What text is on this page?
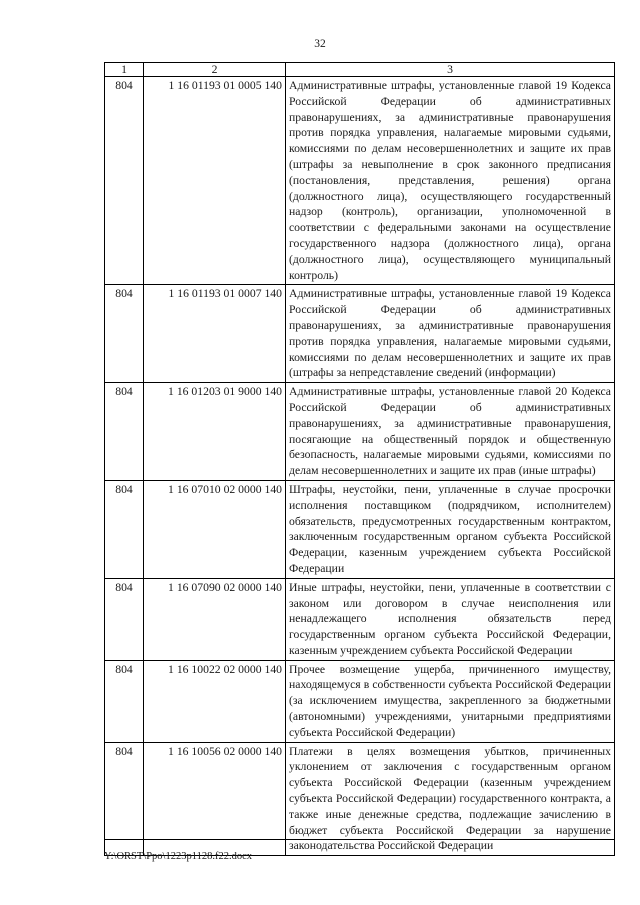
32
1	2	3
804	1 16 01193 01 0005 140	Административные штрафы, установленные главой 19 Кодекса Российской Федерации об административных правонарушениях, за административные правонарушения против порядка управления, налагаемые мировыми судьями, комиссиями по делам несовершеннолетних и защите их прав (штрафы за невыполнение в срок законного предписания (постановления, представления, решения) органа (должностного лица), осуществляющего государственный надзор (контроль), организации, уполномоченной в соответствии с федеральными законами на осуществление государственного надзора (должностного лица), органа (должностного лица), осуществляющего муниципальный контроль)
804	1 16 01193 01 0007 140	Административные штрафы, установленные главой 19 Кодекса Российской Федерации об административных правонарушениях, за административные правонарушения против порядка управления, налагаемые мировыми судьями, комиссиями по делам несовершеннолетних и защите их прав (штрафы за непредставление сведений (информации)
804	1 16 01203 01 9000 140	Административные штрафы, установленные главой 20 Кодекса Российской Федерации об административных правонарушениях, за административные правонарушения, посягающие на общественный порядок и общественную безопасность, налагаемые мировыми судьями, комиссиями по делам несовершеннолетних и защите их прав (иные штрафы)
804	1 16 07010 02 0000 140	Штрафы, неустойки, пени, уплаченные в случае просрочки исполнения поставщиком (подрядчиком, исполнителем) обязательств, предусмотренных государственным контрактом, заключенным государственным органом субъекта Российской Федерации, казенным учреждением субъекта Российской Федерации
804	1 16 07090 02 0000 140	Иные штрафы, неустойки, пени, уплаченные в соответствии с законом или договором в случае неисполнения или ненадлежащего исполнения обязательств перед государственным органом субъекта Российской Федерации, казенным учреждением субъекта Российской Федерации
804	1 16 10022 02 0000 140	Прочее возмещение ущерба, причиненного имуществу, находящемуся в собственности субъекта Российской Федерации (за исключением имущества, закрепленного за бюджетными (автономными) учреждениями, унитарными предприятиями субъекта Российской Федерации)
804	1 16 10056 02 0000 140	Платежи в целях возмещения убытков, причиненных уклонением от заключения с государственным органом субъекта Российской Федерации (казенным учреждением субъекта Российской Федерации) государственного контракта, а также иные денежные средства, подлежащие зачислению в бюджет субъекта Российской Федерации за нарушение законодательства Российской Федерации
Y:\ORST\Ppo\1223p1128.f22.docx
